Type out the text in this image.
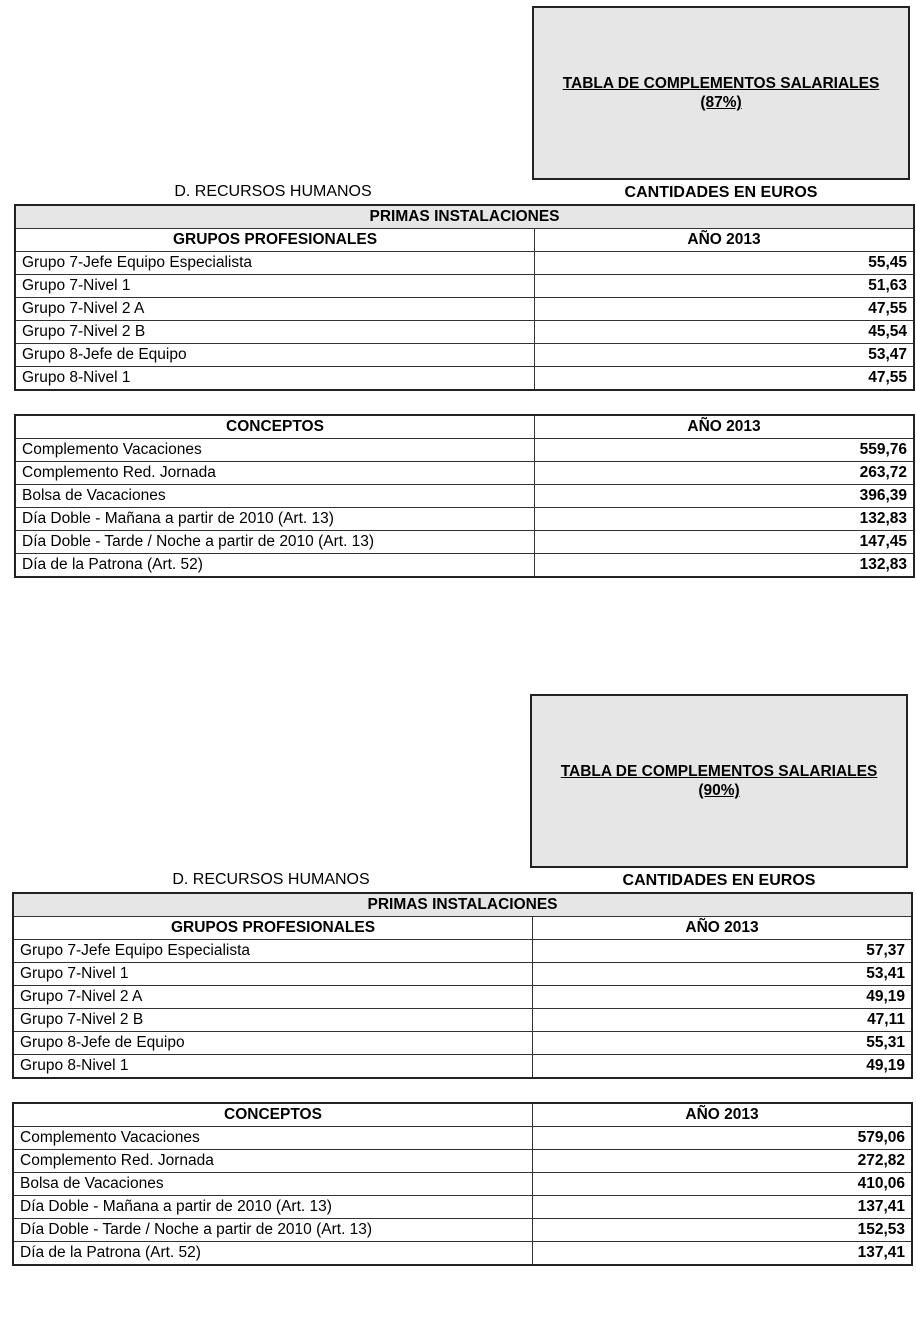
TABLA DE COMPLEMENTOS SALARIALES
(87%)
D. RECURSOS HUMANOS	CANTIDADES EN EUROS
PRIMAS INSTALACIONES	
GRUPOS PROFESIONALES	AÑO 2013
Grupo 7-Jefe Equipo Especialista	55,45
Grupo 7-Nivel 1	51,63
Grupo 7-Nivel 2 A	47,55
Grupo 7-Nivel 2 B	45,54
Grupo 8-Jefe de Equipo	53,47
Grupo 8-Nivel 1	47,55
CONCEPTOS	AÑO 2013
Complemento Vacaciones	559,76
Complemento Red. Jornada	263,72
Bolsa de Vacaciones	396,39
Día Doble - Mañana a partir de 2010 (Art. 13)	132,83
Día Doble - Tarde / Noche a partir de 2010 (Art. 13)	147,45
Día de la Patrona (Art. 52)	132,83
TABLA DE COMPLEMENTOS SALARIALES
(90%)
D. RECURSOS HUMANOS	CANTIDADES EN EUROS
PRIMAS INSTALACIONES	
GRUPOS PROFESIONALES	AÑO 2013
Grupo 7-Jefe Equipo Especialista	57,37
Grupo 7-Nivel 1	53,41
Grupo 7-Nivel 2 A	49,19
Grupo 7-Nivel 2 B	47,11
Grupo 8-Jefe de Equipo	55,31
Grupo 8-Nivel 1	49,19
CONCEPTOS	AÑO 2013
Complemento Vacaciones	579,06
Complemento Red. Jornada	272,82
Bolsa de Vacaciones	410,06
Día Doble - Mañana a partir de 2010 (Art. 13)	137,41
Día Doble - Tarde / Noche a partir de 2010 (Art. 13)	152,53
Día de la Patrona (Art. 52)	137,41
